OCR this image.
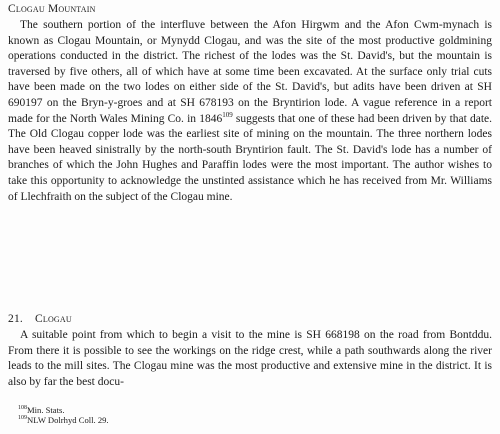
Clogau Mountain

The southern portion of the interfluve between the Afon Hirgwm and the Afon Cwm-mynach is known as Clogau Mountain, or Mynydd Clogau, and was the site of the most productive goldmining operations conducted in the district. The richest of the lodes was the St. David's, but the mountain is traversed by five others, all of which have at some time been excavated. At the surface only trial cuts have been made on the two lodes on either side of the St. David's, but adits have been driven at SH 690197 on the Bryn-y-groes and at SH 678193 on the Bryntirion lode. A vague reference in a report made for the North Wales Mining Co. in 1846$^{109}$ suggests that one of these had been driven by that date. The Old Clogau copper lode was the earliest site of mining on the mountain. The three northern lodes have been heaved sinistrally by the north-south Bryntirion fault. The St. David's lode has a number of branches of which the John Hughes and Paraffin lodes were the most important. The author wishes to take this opportunity to acknowledge the unstinted assistance which he has received from Mr. Williams of Llechfraith on the subject of the Clogau mine.

21. Clogau

A suitable point from which to begin a visit to the mine is SH 668198 on the road from Bontddu. From there it is possible to see the workings on the ridge crest, while a path southwards along the river leads to the mill sites. The Clogau mine was the most productive and extensive mine in the district. It is also by far the best docu-

$^{108}$Min. Stats.
$^{109}$NLW Dolrhyd Coll. 29.
